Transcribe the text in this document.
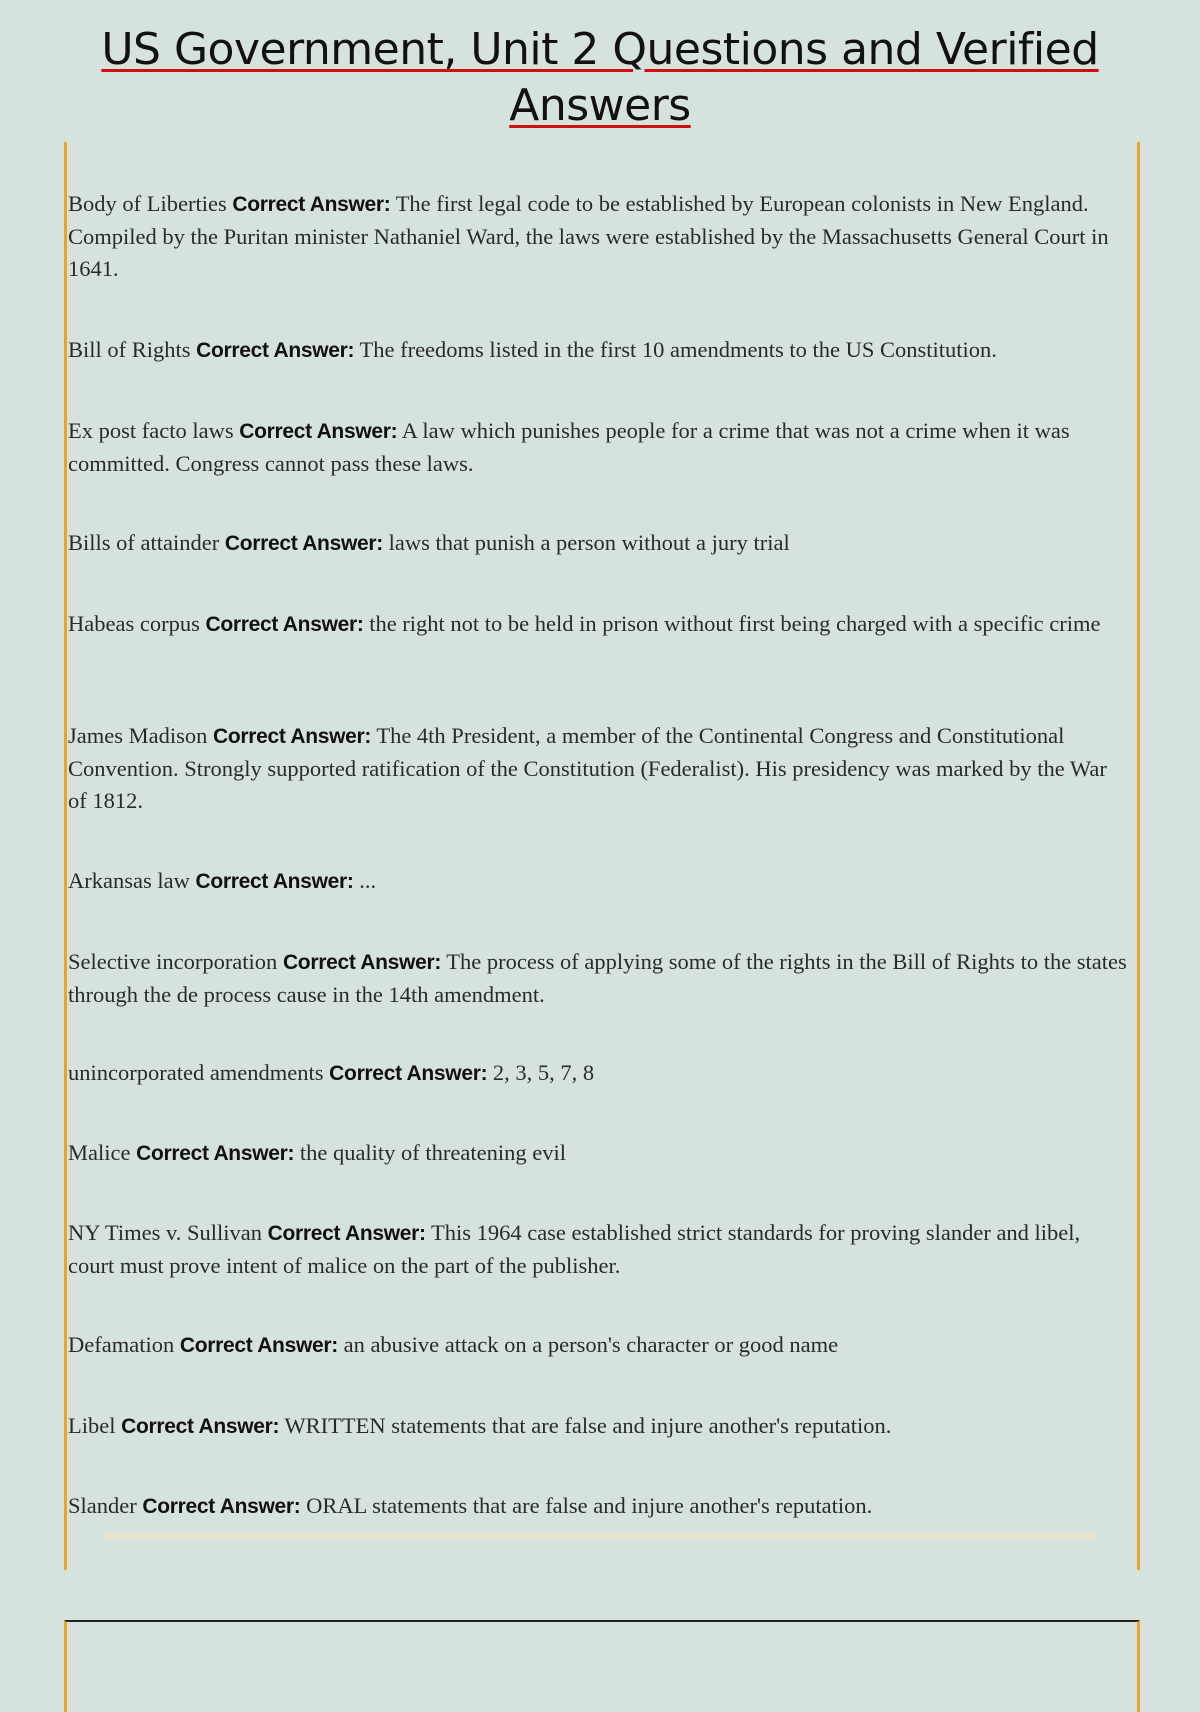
US Government, Unit 2 Questions and Verified Answers
Body of Liberties Correct Answer: The first legal code to be established by European colonists in New England. Compiled by the Puritan minister Nathaniel Ward, the laws were established by the Massachusetts General Court in 1641.
Bill of Rights Correct Answer: The freedoms listed in the first 10 amendments to the US Constitution.
Ex post facto laws Correct Answer: A law which punishes people for a crime that was not a crime when it was committed. Congress cannot pass these laws.
Bills of attainder Correct Answer: laws that punish a person without a jury trial
Habeas corpus Correct Answer: the right not to be held in prison without first being charged with a specific crime
James Madison Correct Answer: The 4th President, a member of the Continental Congress and Constitutional Convention. Strongly supported ratification of the Constitution (Federalist). His presidency was marked by the War of 1812.
Arkansas law Correct Answer: ...
Selective incorporation Correct Answer: The process of applying some of the rights in the Bill of Rights to the states through the de process cause in the 14th amendment.
unincorporated amendments Correct Answer: 2, 3, 5, 7, 8
Malice Correct Answer: the quality of threatening evil
NY Times v. Sullivan Correct Answer: This 1964 case established strict standards for proving slander and libel, court must prove intent of malice on the part of the publisher.
Defamation Correct Answer: an abusive attack on a person's character or good name
Libel Correct Answer: WRITTEN statements that are false and injure another's reputation.
Slander Correct Answer: ORAL statements that are false and injure another's reputation.
